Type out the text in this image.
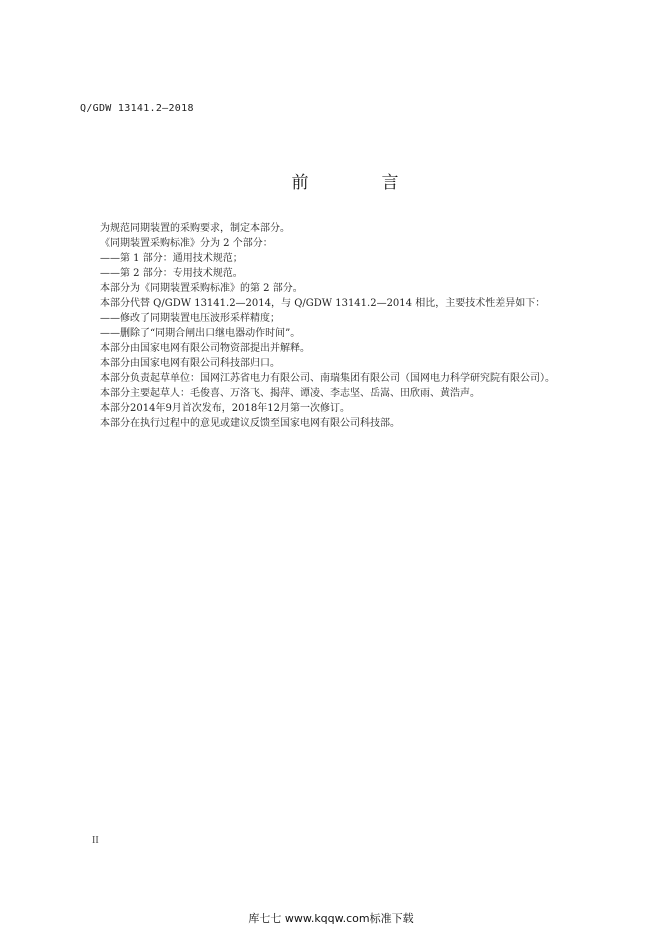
Q/GDW 13141.2—2018
前　言

为规范同期装置的采购要求，制定本部分。

《同期装置采购标准》分为 2 个部分：

——第 1 部分：通用技术规范；

——第 2 部分：专用技术规范。

本部分为《同期装置采购标准》的第 2 部分。

本部分代替 Q/GDW 13141.2—2014，与 Q/GDW 13141.2—2014 相比，主要技术性差异如下：

——修改了同期装置电压波形采样精度；

——删除了“同期合闸出口继电器动作时间”。

本部分由国家电网有限公司物资部提出并解释。

本部分由国家电网有限公司科技部归口。

本部分负责起草单位：国网江苏省电力有限公司、南瑞集团有限公司（国网电力科学研究院有限公司）。

本部分主要起草人：毛俊喜、万洛飞、揭萍、谭凌、李志坚、岳嵩、田欣雨、黄浩声。

本部分2014年9月首次发布，2018年12月第一次修订。

本部分在执行过程中的意见或建议反馈至国家电网有限公司科技部。

II
库七七 www.kqqw.com标准下载
